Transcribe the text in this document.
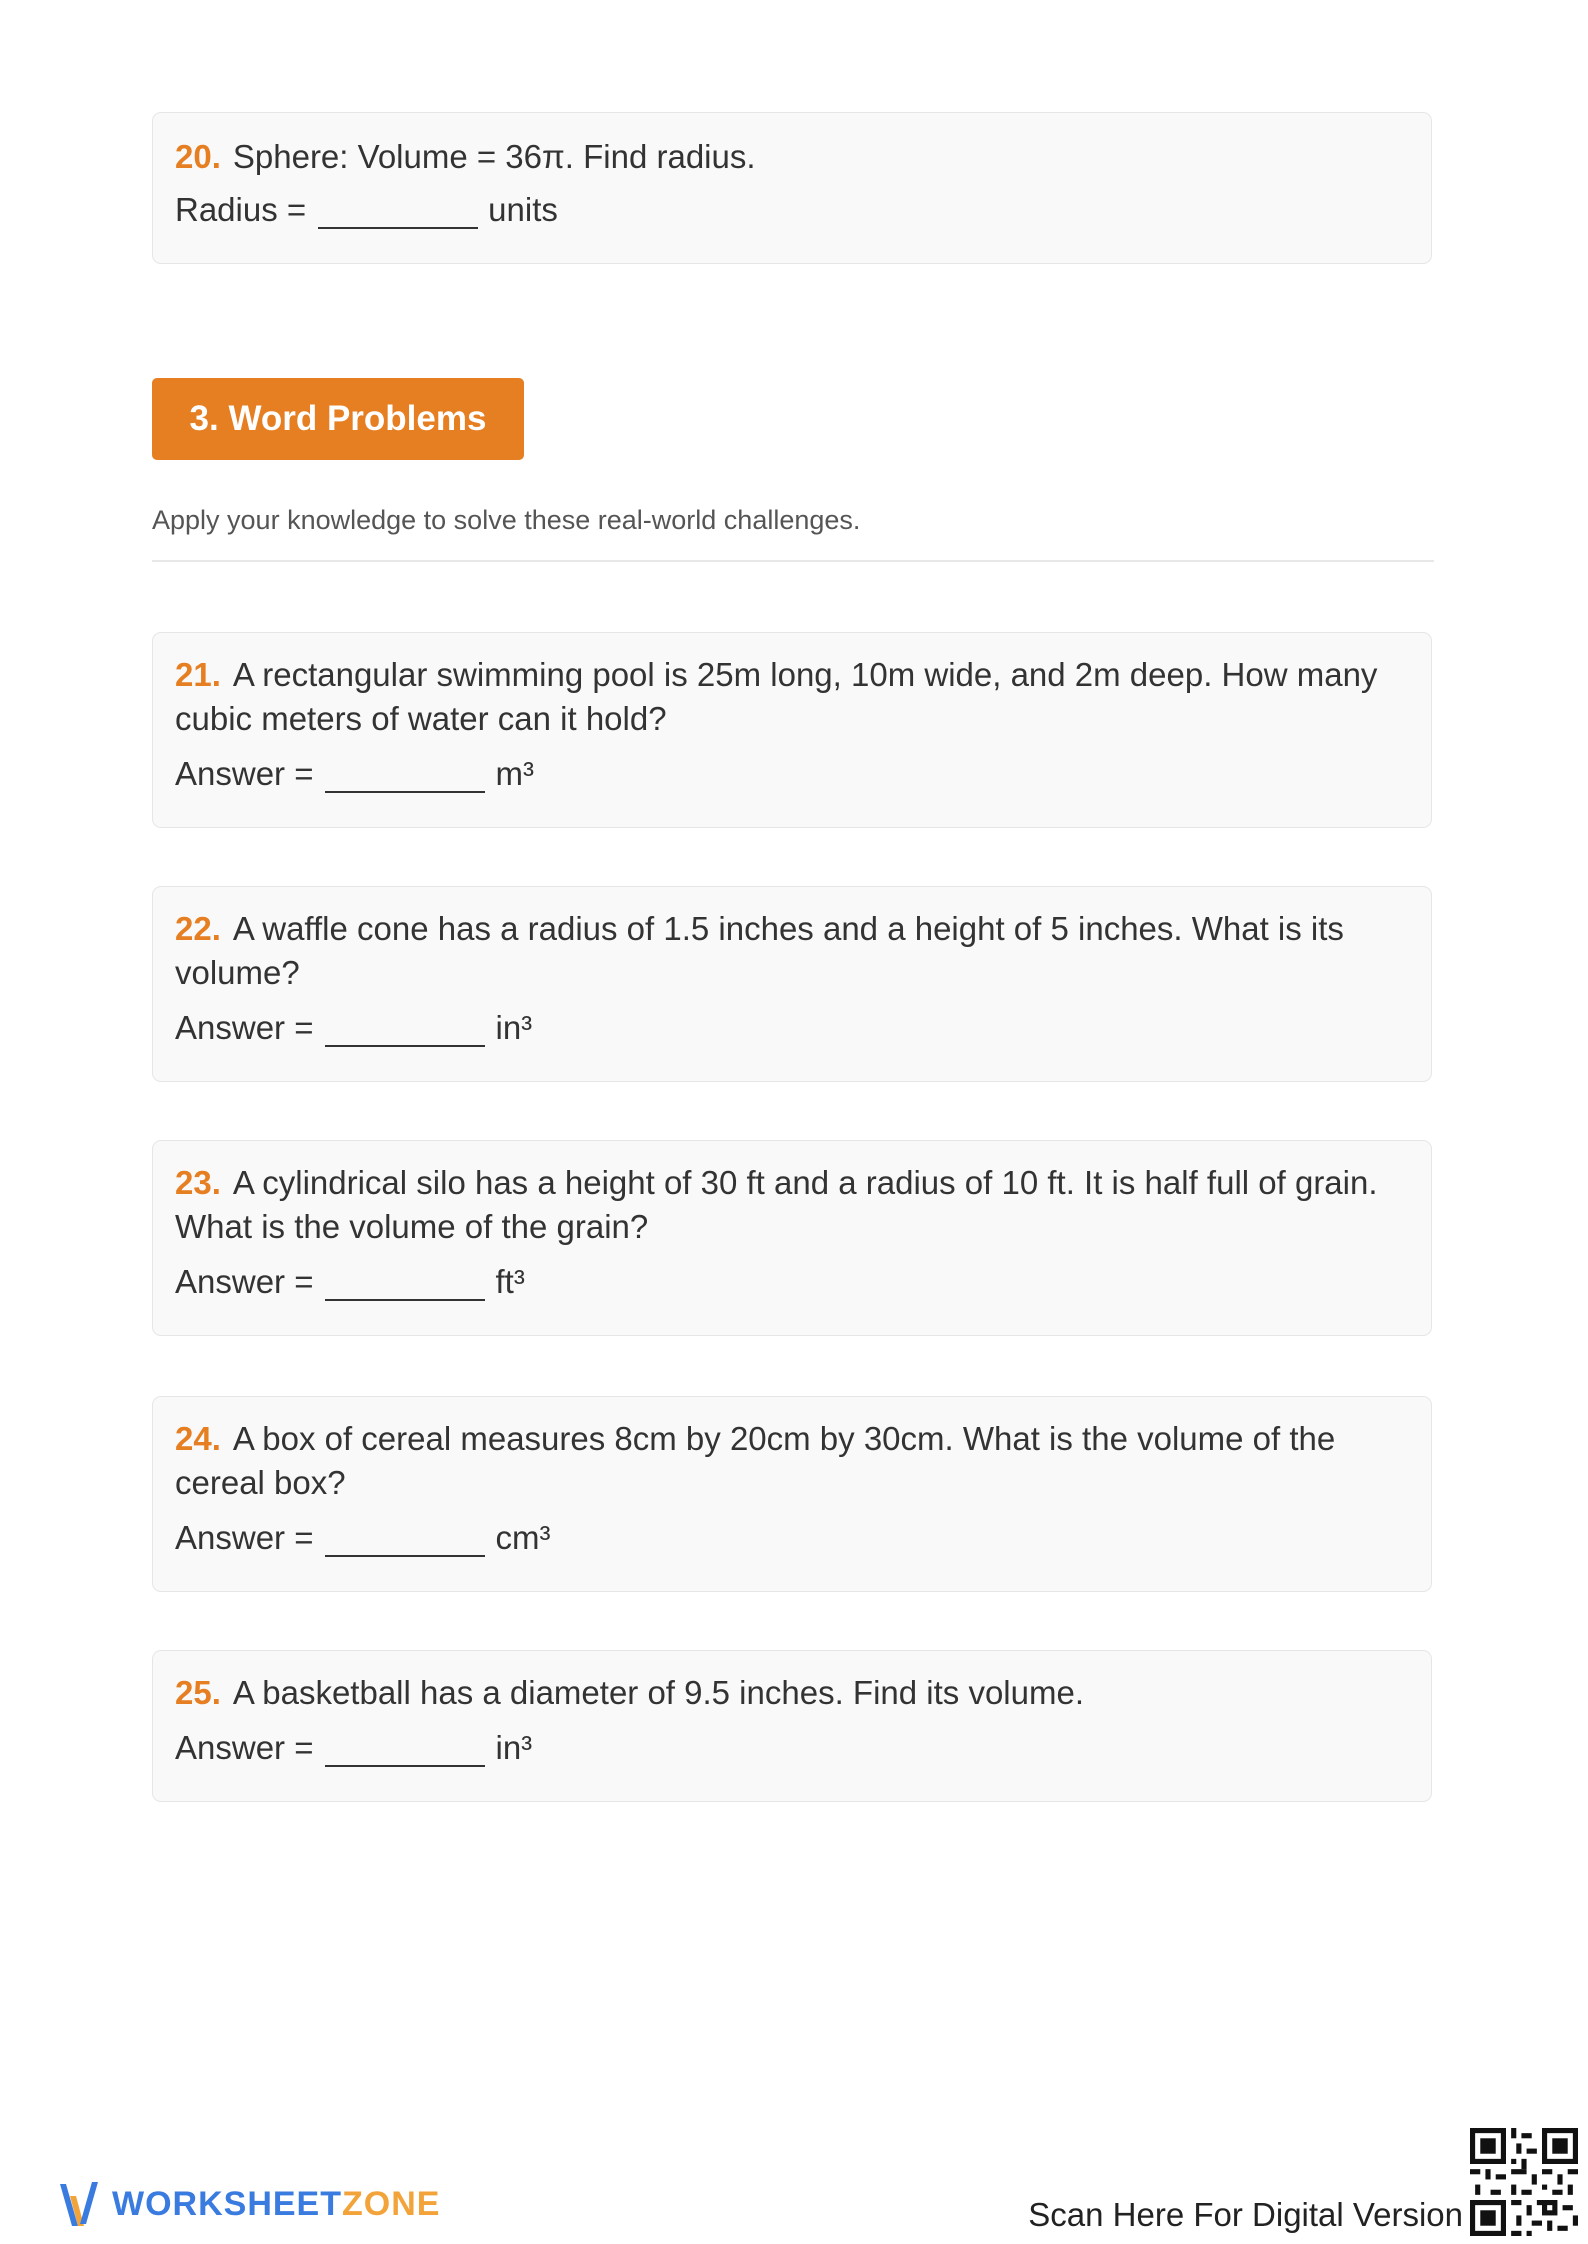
20. Sphere: Volume = 36π. Find radius.
Radius =	units
3. Word Problems
Apply your knowledge to solve these real-world challenges.
21. A rectangular swimming pool is 25m long, 10m wide, and 2m deep. How many cubic meters of water can it hold?
Answer =	m³
22. A waffle cone has a radius of 1.5 inches and a height of 5 inches. What is its volume?
Answer =	in³
23. A cylindrical silo has a height of 30 ft and a radius of 10 ft. It is half full of grain. What is the volume of the grain?
Answer =	ft³
24. A box of cereal measures 8cm by 20cm by 30cm. What is the volume of the cereal box?
Answer =	cm³
25. A basketball has a diameter of 9.5 inches. Find its volume.
Answer =	in³
WORKSHEETZONE	Scan Here For Digital Version
